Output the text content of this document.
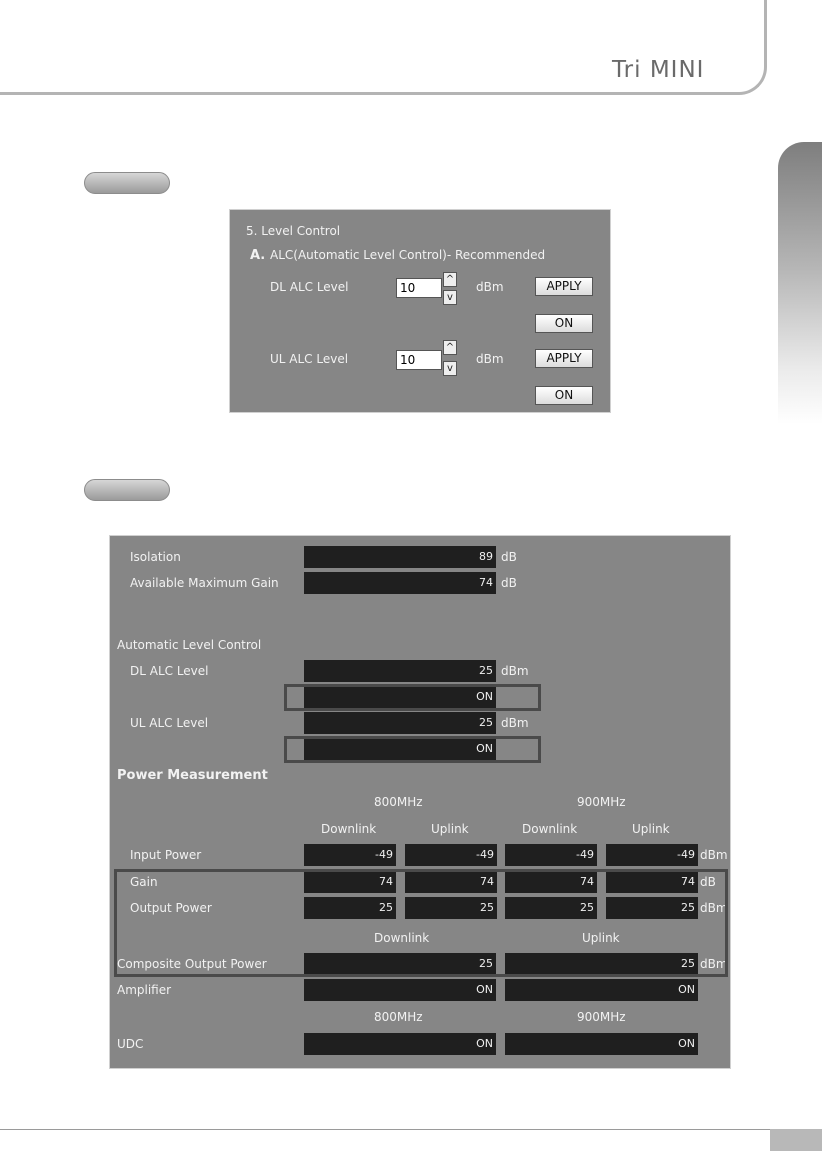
Tri MINI
5. Level Control
A. ALC(Automatic Level Control)- Recommended
DL ALC Level	10
^
v
dBm	APPLY
ON
UL ALC Level	10
^
v
dBm	APPLY
ON
Isolation	89 dB
Available Maximum Gain	74 dB
Automatic Level Control
DL ALC Level	25 dBm
ON
UL ALC Level	25 dBm
ON
Power Measurement
800MHz	900MHz
Downlink	Uplink	Downlink	Uplink
Input Power	-49	-49	-49	-49 dBm
Gain	74	74	74	74 dB
Output Power	25	25	25	25 dBm
Downlink	Uplink
Composite Output Power	25	25 dBm
Amplifier	ON	ON
800MHz	900MHz
UDC	ON	ON
